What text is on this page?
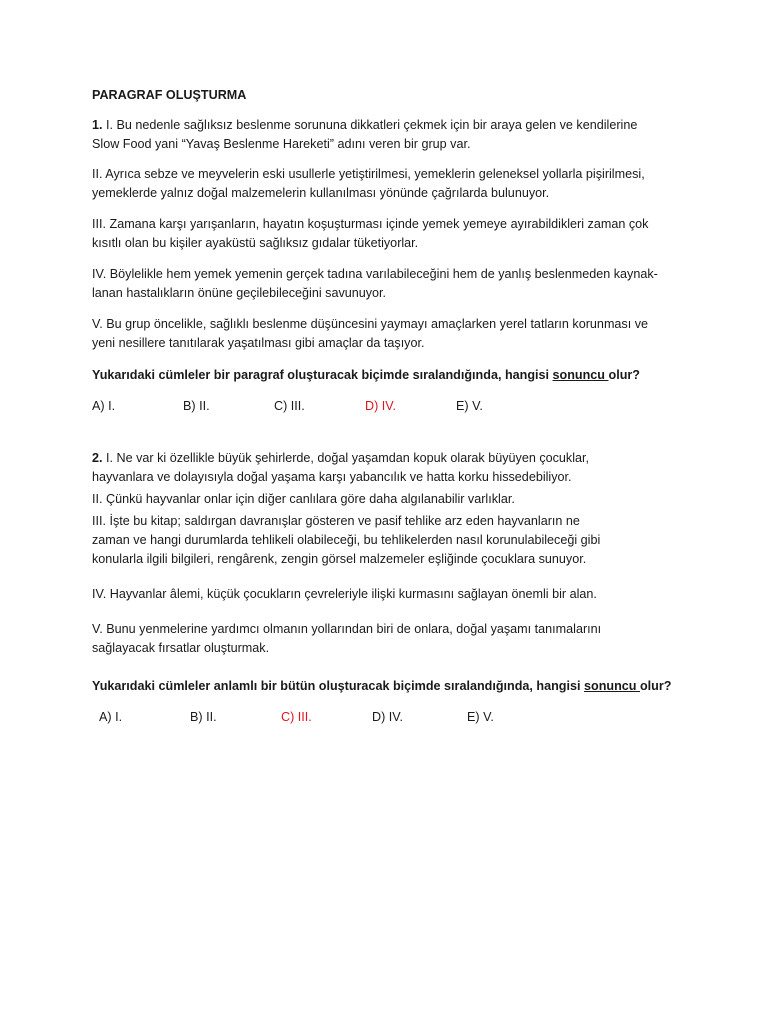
PARAGRAF OLUŞTURMA

1. I. Bu nedenle sağlıksız beslenme sorununa dikkatleri çekmek için bir araya gelen ve kendilerine
Slow Food yani “Yavaş Beslenme Hareketi” adını veren bir grup var.

II. Ayrıca sebze ve meyvelerin eski usullerle yetiştirilmesi, yemeklerin geleneksel yollarla pişirilmesi,
yemeklerde yalnız doğal malzemelerin kullanılması yönünde çağrılarda bulunuyor.

III. Zamana karşı yarışanların, hayatın koşuşturması içinde yemek yemeye ayırabildikleri zaman çok
kısıtlı olan bu kişiler ayaküstü sağlıksız gıdalar tüketiyorlar.

IV. Böylelikle hem yemek yemenin gerçek tadına varılabileceğini hem de yanlış beslenmeden kaynak-
lanan hastalıkların önüne geçilebileceğini savunuyor.

V. Bu grup öncelikle, sağlıklı beslenme düşüncesini yaymayı amaçlarken yerel tatların korunması ve
yeni nesillere tanıtılarak yaşatılması gibi amaçlar da taşıyor.

Yukarıdaki cümleler bir paragraf oluşturacak biçimde sıralandığında, hangisi sonuncu olur?
A) I.	B) II.	C) III.	D) IV.	E) V.

2. I. Ne var ki özellikle büyük şehirlerde, doğal yaşamdan kopuk olarak büyüyen çocuklar,
hayvanlara ve dolayısıyla doğal yaşama karşı yabancılık ve hatta korku hissedebiliyor.

II. Çünkü hayvanlar onlar için diğer canlılara göre daha algılanabilir varlıklar.

III. İşte bu kitap; saldırgan davranışlar gösteren ve pasif tehlike arz eden hayvanların ne
zaman ve hangi durumlarda tehlikeli olabileceği, bu tehlikelerden nasıl korunulabileceği gibi
konularla ilgili bilgileri, rengârenk, zengin görsel malzemeler eşliğinde çocuklara sunuyor.

IV. Hayvanlar âlemi, küçük çocukların çevreleriyle ilişki kurmasını sağlayan önemli bir alan.

V. Bunu yenmelerine yardımcı olmanın yollarından biri de onlara, doğal yaşamı tanımalarını
sağlayacak fırsatlar oluşturmak.

Yukarıdaki cümleler anlamlı bir bütün oluşturacak biçimde sıralandığında, hangisi sonuncu olur?
A) I.	B) II.	C) III.	D) IV.	E) V.
